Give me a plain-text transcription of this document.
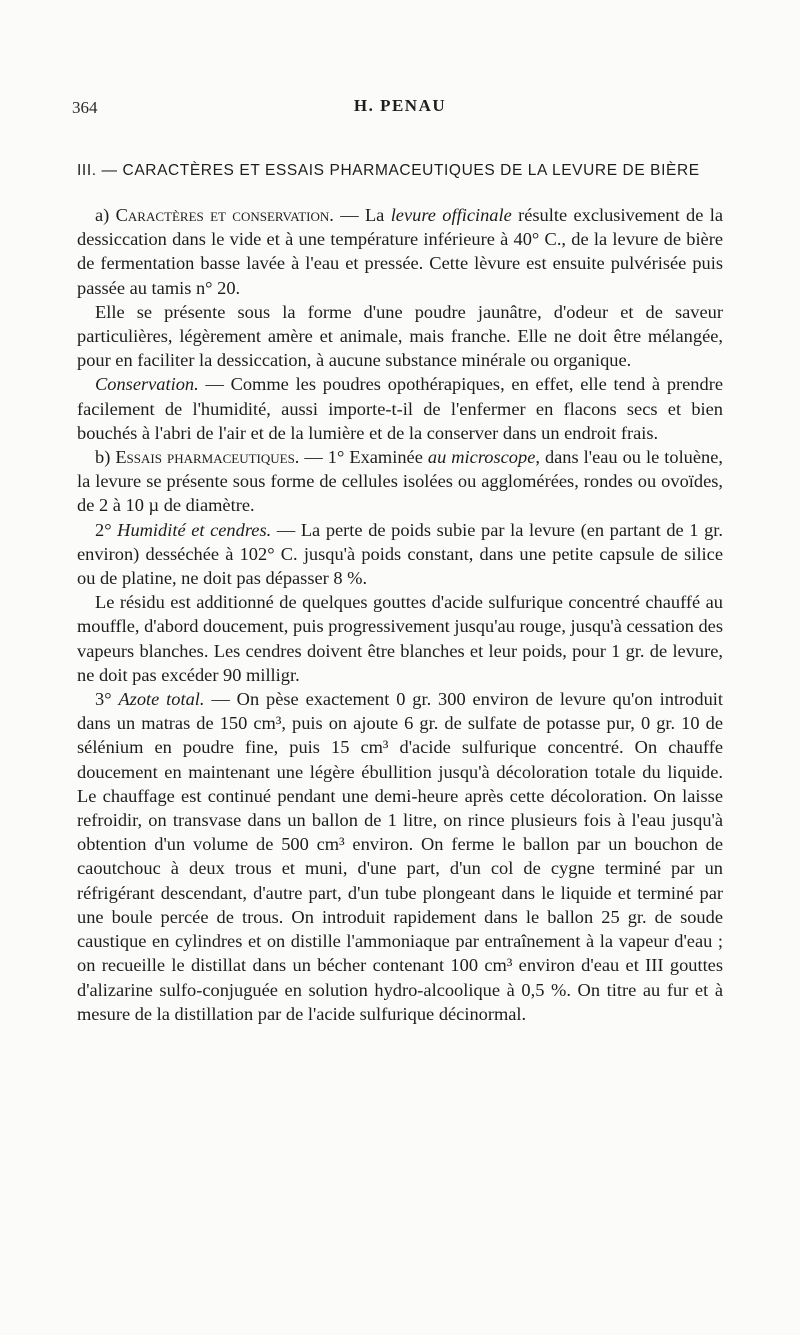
364	H. PENAU
III. — CARACTÈRES ET ESSAIS PHARMACEUTIQUES DE LA LEVURE DE BIÈRE

a) Caractères et conservation. — La levure officinale résulte exclusivement de la dessiccation dans le vide et à une température inférieure à 40° C., de la levure de bière de fermentation basse lavée à l'eau et pressée. Cette lèvure est ensuite pulvérisée puis passée au tamis n° 20.

Elle se présente sous la forme d'une poudre jaunâtre, d'odeur et de saveur particulières, légèrement amère et animale, mais franche. Elle ne doit être mélangée, pour en faciliter la dessiccation, à aucune substance minérale ou organique.

Conservation. — Comme les poudres opothérapiques, en effet, elle tend à prendre facilement de l'humidité, aussi importe-t-il de l'enfermer en flacons secs et bien bouchés à l'abri de l'air et de la lumière et de la conserver dans un endroit frais.

b) Essais pharmaceutiques. — 1° Examinée au microscope, dans l'eau ou le toluène, la levure se présente sous forme de cellules isolées ou agglomérées, rondes ou ovoïdes, de 2 à 10 µ de diamètre.

2° Humidité et cendres. — La perte de poids subie par la levure (en partant de 1 gr. environ) desséchée à 102° C. jusqu'à poids constant, dans une petite capsule de silice ou de platine, ne doit pas dépasser 8 %.

Le résidu est additionné de quelques gouttes d'acide sulfurique concentré chauffé au mouffle, d'abord doucement, puis progressivement jusqu'au rouge, jusqu'à cessation des vapeurs blanches. Les cendres doivent être blanches et leur poids, pour 1 gr. de levure, ne doit pas excéder 90 milligr.

3° Azote total. — On pèse exactement 0 gr. 300 environ de levure qu'on introduit dans un matras de 150 cm³, puis on ajoute 6 gr. de sulfate de potasse pur, 0 gr. 10 de sélénium en poudre fine, puis 15 cm³ d'acide sulfurique concentré. On chauffe doucement en maintenant une légère ébullition jusqu'à décoloration totale du liquide. Le chauffage est continué pendant une demi-heure après cette décoloration. On laisse refroidir, on transvase dans un ballon de 1 litre, on rince plusieurs fois à l'eau jusqu'à obtention d'un volume de 500 cm³ environ. On ferme le ballon par un bouchon de caoutchouc à deux trous et muni, d'une part, d'un col de cygne terminé par un réfrigérant descendant, d'autre part, d'un tube plongeant dans le liquide et terminé par une boule percée de trous. On introduit rapidement dans le ballon 25 gr. de soude caustique en cylindres et on distille l'ammoniaque par entraînement à la vapeur d'eau ; on recueille le distillat dans un bécher contenant 100 cm³ environ d'eau et III gouttes d'alizarine sulfo-conjuguée en solution hydro-alcoolique à 0,5 %. On titre au fur et à mesure de la distillation par de l'acide sulfurique décinormal.
